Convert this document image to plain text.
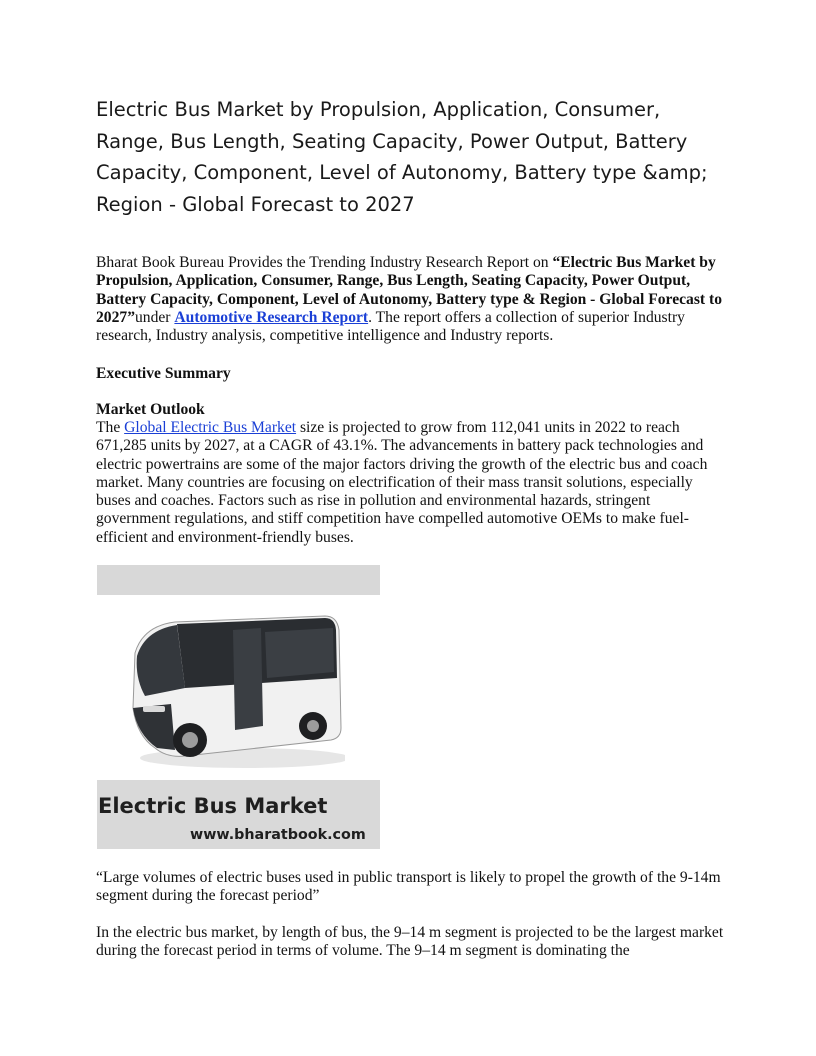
Electric Bus Market by Propulsion, Application, Consumer, Range, Bus Length, Seating Capacity, Power Output, Battery Capacity, Component, Level of Autonomy, Battery type &amp; Region - Global Forecast to 2027

Bharat Book Bureau Provides the Trending Industry Research Report on “Electric Bus Market by Propulsion, Application, Consumer, Range, Bus Length, Seating Capacity, Power Output, Battery Capacity, Component, Level of Autonomy, Battery type & Region - Global Forecast to 2027”under Automotive Research Report. The report offers a collection of superior Industry research, Industry analysis, competitive intelligence and Industry reports.

Executive Summary

Market Outlook

The Global Electric Bus Market size is projected to grow from 112,041 units in 2022 to reach 671,285 units by 2027, at a CAGR of 43.1%. The advancements in battery pack technologies and electric powertrains are some of the major factors driving the growth of the electric bus and coach market. Many countries are focusing on electrification of their mass transit solutions, especially buses and coaches. Factors such as rise in pollution and environmental hazards, stringent government regulations, and stiff competition have compelled automotive OEMs to make fuel-efficient and environment-friendly buses.

Electric Bus Market
www.bharatbook.com

“Large volumes of electric buses used in public transport is likely to propel the growth of the 9-14m segment during the forecast period”

In the electric bus market, by length of bus, the 9–14 m segment is projected to be the largest market during the forecast period in terms of volume. The 9–14 m segment is dominating the
